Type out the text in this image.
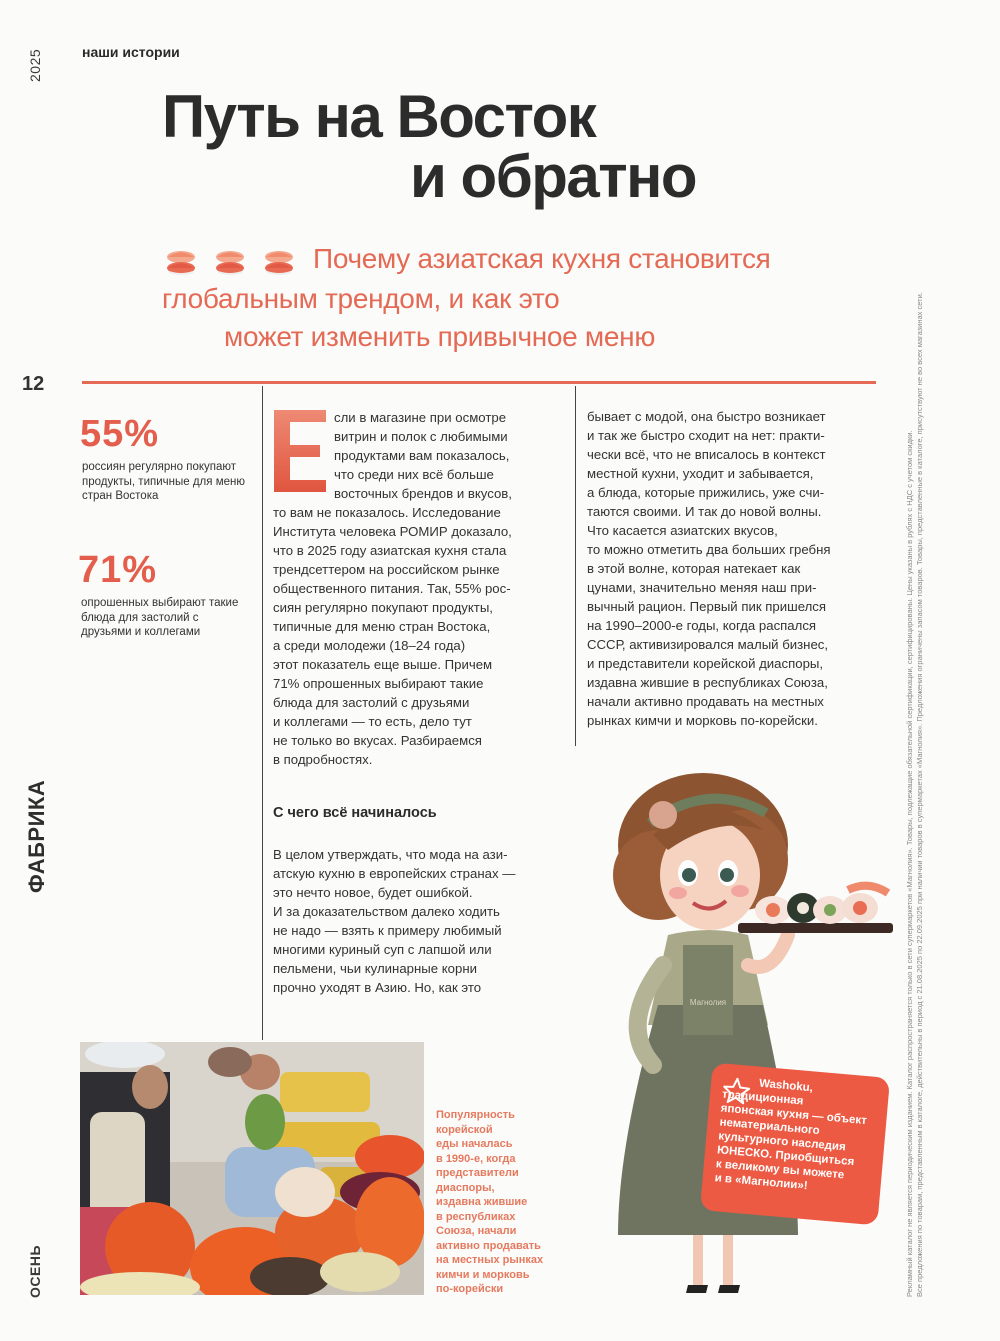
2025
12
ФАБРИКА
ОСЕНЬ
наши истории
Путь на Восток
и обратно
Почему азиатская кухня становится
глобальным трендом, и как это
может изменить привычное меню
55%
россиян регулярно покупают продукты, типичные для меню стран Востока
71%
опрошенных выбирают такие блюда для застолий с друзьями и коллегами
сли в магазине при осмотре
витрин и полок с любимыми
продуктами вам показалось,
что среди них всё больше
восточных брендов и вкусов,
то вам не показалось. Исследование
Института человека РОМИР доказало,
что в 2025 году азиатская кухня стала
трендсеттером на российском рынке
общественного питания. Так, 55% рос-
сиян регулярно покупают продукты,
типичные для меню стран Востока,
а среди молодежи (18–24 года)
этот показатель еще выше. Причем
71% опрошенных выбирают такие
блюда для застолий с друзьями
и коллегами — то есть, дело тут
не только во вкусах. Разбираемся
в подробностях.
С чего всё начиналось
В целом утверждать, что мода на ази-
атскую кухню в европейских странах —
это нечто новое, будет ошибкой.
И за доказательством далеко ходить
не надо — взять к примеру любимый
многими куриный суп с лапшой или
пельмени, чьи кулинарные корни
прочно уходят в Азию. Но, как это
бывает с модой, она быстро возникает
и так же быстро сходит на нет: практи-
чески всё, что не вписалось в контекст
местной кухни, уходит и забывается,
а блюда, которые прижились, уже счи-
таются своими. И так до новой волны.
Что касается азиатских вкусов,
то можно отметить два больших гребня
в этой волне, которая натекает как
цунами, значительно меняя наш при-
вычный рацион. Первый пик пришелся
на 1990–2000-е годы, когда распался
СССР, активизировался малый бизнес,
и представители корейской диаспоры,
издавна жившие в республиках Союза,
начали активно продавать на местных
рынках кимчи и морковь по-корейски.
Популярность
корейской
еды началась
в 1990-е, когда
представители
диаспоры,
издавна жившие
в республиках
Союза, начали
активно продавать
на местных рынках
кимчи и морковь
по-корейски
Магнолия
Washoku,
традиционная
японская кухня — объект
нематериального
культурного наследия
ЮНЕСКО. Приобщиться
к великому вы можете
и в «Магнолии»!	Рекламный каталог не является периодическим изданием. Каталог распространяется только в сети супермаркетов «Магнолия». Товары, подлежащие обязательной сертификации, сертифицированы. Цены указаны в рублях с НДС с учетом скидки. Все предложения по товарам, представленным в каталоге, действительны в период с 21.08.2025 по 22.09.2025 при наличии товаров в супермаркетах «Магнолия». Предложения ограничены запасом товаров. Товары, представленные в каталоге, присутствуют не во всех магазинах сети.
